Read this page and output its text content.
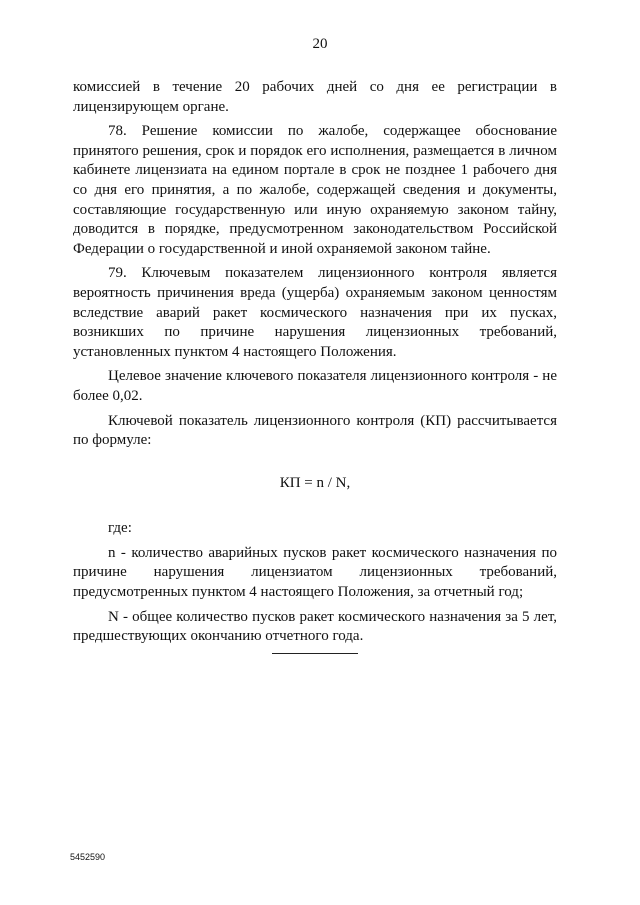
20

комиссией в течение 20 рабочих дней со дня ее регистрации в лицензирующем органе.

78. Решение комиссии по жалобе, содержащее обоснование принятого решения, срок и порядок его исполнения, размещается в личном кабинете лицензиата на едином портале в срок не позднее 1 рабочего дня со дня его принятия, а по жалобе, содержащей сведения и документы, составляющие государственную или иную охраняемую законом тайну, доводится в порядке, предусмотренном законодательством Российской Федерации о государственной и иной охраняемой законом тайне.

79. Ключевым показателем лицензионного контроля является вероятность причинения вреда (ущерба) охраняемым законом ценностям вследствие аварий ракет космического назначения при их пусках, возникших по причине нарушения лицензионных требований, установленных пунктом 4 настоящего Положения.

Целевое значение ключевого показателя лицензионного контроля - не более 0,02.

Ключевой показатель лицензионного контроля (КП) рассчитывается по формуле:

КП = n / N,

где:

n - количество аварийных пусков ракет космического назначения по причине нарушения лицензиатом лицензионных требований, предусмотренных пунктом 4 настоящего Положения, за отчетный год;

N - общее количество пусков ракет космического назначения за 5 лет, предшествующих окончанию отчетного года.

5452590
